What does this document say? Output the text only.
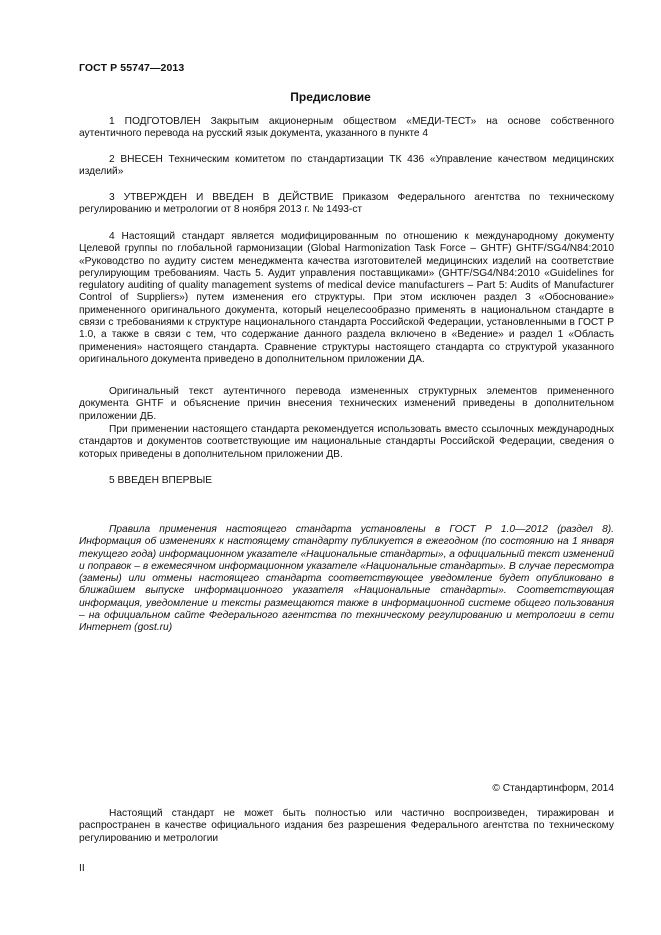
ГОСТ Р 55747—2013
Предисловие

1 ПОДГОТОВЛЕН Закрытым акционерным обществом «МЕДИ-ТЕСТ» на основе собственного аутентичного перевода на русский язык документа, указанного в пункте 4

2 ВНЕСЕН Техническим комитетом по стандартизации ТК 436 «Управление качеством медицинских изделий»

3 УТВЕРЖДЕН И ВВЕДЕН В ДЕЙСТВИЕ Приказом Федерального агентства по техническому регулированию и метрологии от 8 ноября 2013 г. № 1493-ст

4 Настоящий стандарт является модифицированным по отношению к международному документу Целевой группы по глобальной гармонизации (Global Harmonization Task Force – GHTF) GHTF/SG4/N84:2010 «Руководство по аудиту систем менеджмента качества изготовителей медицинских изделий на соответствие регулирующим требованиям. Часть 5. Аудит управления поставщиками» (GHTF/SG4/N84:2010 «Guidelines for regulatory auditing of quality management systems of medical device manufacturers – Part 5: Audits of Manufacturer Control of Suppliers») путем изменения его структуры. При этом исключен раздел 3 «Обоснование» примененного оригинального документа, который нецелесообразно применять в национальном стандарте в связи с требованиями к структуре национального стандарта Российской Федерации, установленными в ГОСТ Р 1.0, а также в связи с тем, что содержание данного раздела включено в «Ведение» и раздел 1 «Область применения» настоящего стандарта. Сравнение структуры настоящего стандарта со структурой указанного оригинального документа приведено в дополнительном приложении ДА.

Оригинальный текст аутентичного перевода измененных структурных элементов примененного документа GHTF и объяснение причин внесения технических изменений приведены в дополнительном приложении ДБ.

При применении настоящего стандарта рекомендуется использовать вместо ссылочных международных стандартов и документов соответствующие им национальные стандарты Российской Федерации, сведения о которых приведены в дополнительном приложении ДВ.

5 ВВЕДЕН ВПЕРВЫЕ

Правила применения настоящего стандарта установлены в ГОСТ Р 1.0—2012 (раздел 8). Информация об изменениях к настоящему стандарту публикуется в ежегодном (по состоянию на 1 января текущего года) информационном указателе «Национальные стандарты», а официальный текст изменений и поправок – в ежемесячном информационном указателе «Национальные стандарты». В случае пересмотра (замены) или отмены настоящего стандарта соответствующее уведомление будет опубликовано в ближайшем выпуске информационного указателя «Национальные стандарты». Соответствующая информация, уведомление и тексты размещаются также в информационной системе общего пользования – на официальном сайте Федерального агентства по техническому регулированию и метрологии в сети Интернет (gost.ru)

© Стандартинформ, 2014

Настоящий стандарт не может быть полностью или частично воспроизведен, тиражирован и распространен в качестве официального издания без разрешения Федерального агентства по техническому регулированию и метрологии

II
